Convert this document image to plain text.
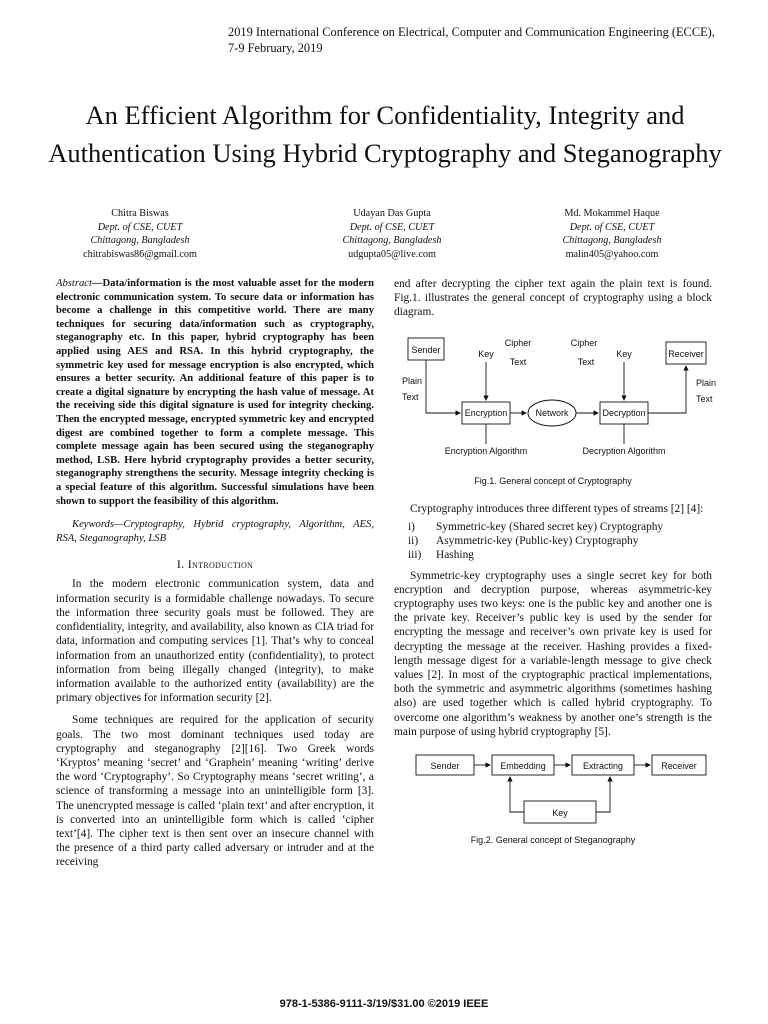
2019 International Conference on Electrical, Computer and Communication Engineering (ECCE),
7-9 February, 2019
An Efficient Algorithm for Confidentiality, Integrity and Authentication Using Hybrid Cryptography and Steganography
Chitra Biswas
Dept. of CSE, CUET
Chittagong, Bangladesh
chitrabiswas86@gmail.com
Udayan Das Gupta
Dept. of CSE, CUET
Chittagong, Bangladesh
udgupta05@live.com
Md. Mokammel Haque
Dept. of CSE, CUET
Chittagong, Bangladesh
malin405@yahoo.com
Abstract—Data/information is the most valuable asset for the modern electronic communication system. To secure data or information has become a challenge in this competitive world. There are many techniques for securing data/information such as cryptography, steganography etc. In this paper, hybrid cryptography has been applied using AES and RSA. In this hybrid cryptography, the symmetric key used for message encryption is also encrypted, which ensures a better security. An additional feature of this paper is to create a digital signature by encrypting the hash value of message. At the receiving side this digital signature is used for integrity checking. Then the encrypted message, encrypted symmetric key and encrypted digest are combined together to form a complete message. This complete message again has been secured using the steganography method, LSB. Here hybrid cryptography provides a better security, steganography strengthens the security. Message integrity checking is a special feature of this algorithm. Successful simulations have been shown to support the feasibility of this algorithm.
Keywords—Cryptography, Hybrid cryptography, Algorithm, AES, RSA, Steganography, LSB
I. Introduction

In the modern electronic communication system, data and information security is a formidable challenge nowadays. To secure the information three security goals must be followed. They are confidentiality, integrity, and availability, also known as CIA triad for data, information and computing services [1]. That’s why to conceal information from an unauthorized entity (confidentiality), to protect information from being illegally changed (integrity), to make information available to the authorized entity (availability) are the primary objectives for information security [2].

Some techniques are required for the application of security goals. The two most dominant techniques used today are cryptography and steganography [2][16]. Two Greek words ‘Kryptos’ meaning ‘secret’ and ‘Graphein’ meaning ‘writing’ derive the word ‘Cryptography’. So Cryptography means ‘secret writing’, a science of transforming a message into an unintelligible form [3]. The unencrypted message is called ‘plain text’ and after encryption, it is converted into an unintelligible form which is called ‘cipher text’[4]. The cipher text is then sent over an insecure channel with the presence of a third party called adversary or intruder and at the receiving

end after decrypting the cipher text again the plain text is found. Fig.1. illustrates the general concept of cryptography using a block diagram.

Sender	Receiver
Key	Key
Cipher
Text
Cipher
Text
Plain
Text
Plain
Text
Encryption	Network	Decryption
Encryption Algorithm	Decryption Algorithm
Fig.1. General concept of Cryptography

Cryptography introduces three different types of streams [2] [4]:

i)	Symmetric-key (Shared secret key) Cryptography
ii)	Asymmetric-key (Public-key) Cryptography
iii)	Hashing

Symmetric-key cryptography uses a single secret key for both encryption and decryption purpose, whereas asymmetric-key cryptography uses two keys: one is the public key and another one is the private key. Receiver’s public key is used by the sender for encrypting the message and receiver’s own private key is used for decrypting the message at the receiver. Hashing provides a fixed-length message digest for a variable-length message to give check values [2]. In most of the cryptographic practical implementations, both the symmetric and asymmetric algorithms (sometimes hashing also) are used together which is called hybrid cryptography. To overcome one algorithm’s weakness by another one’s strength is the main purpose of using hybrid cryptography [5].

Sender	Embedding	Extracting	Receiver
Key
Fig.2. General concept of Steganography
978-1-5386-9111-3/19/$31.00 ©2019 IEEE
